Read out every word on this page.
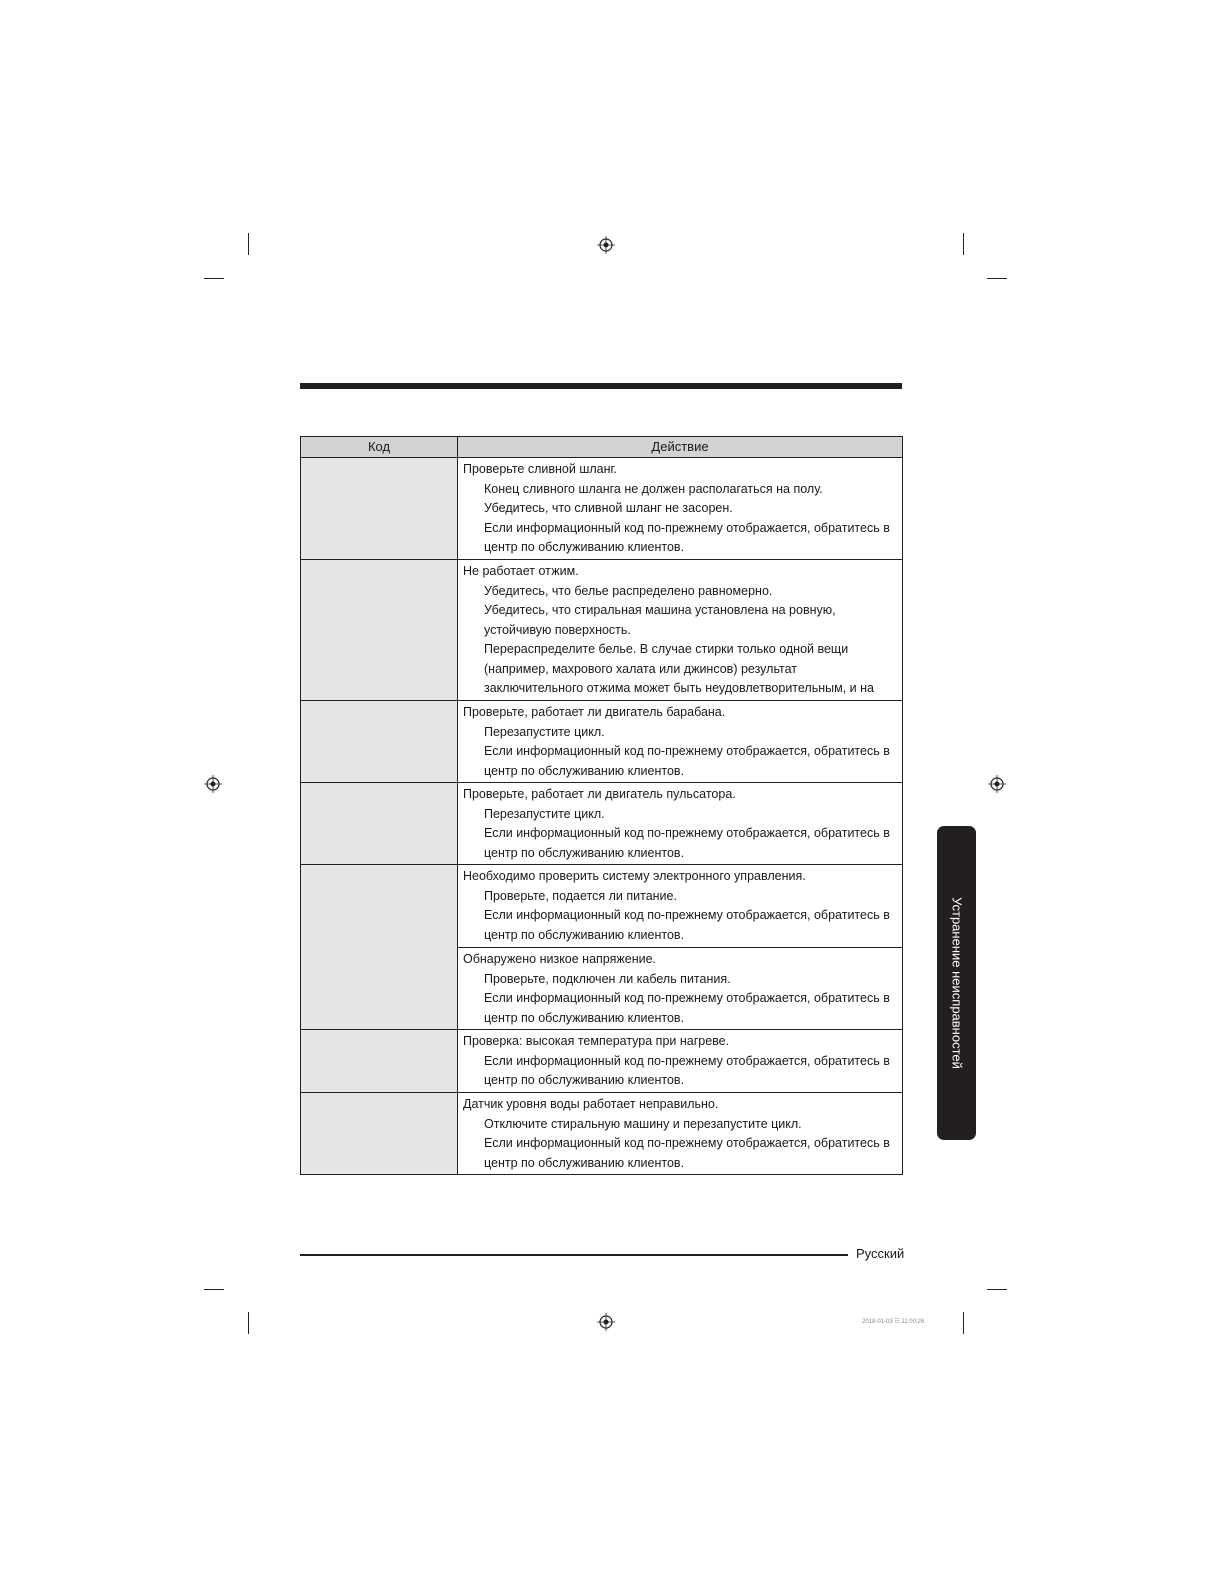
Код	Действие

	Проверьте сливной шланг.

Конец сливного шланга не должен располагаться на полу.

Убедитесь, что сливной шланг не засорен.

Если информационный код по-прежнему отображается, обратитесь в центр по обслуживанию клиентов.

	Не работает отжим.

Убедитесь, что белье распределено равномерно.

Убедитесь, что стиральная машина установлена на ровную, устойчивую поверхность.

Перераспределите белье. В случае стирки только одной вещи (например, махрового халата или джинсов) результат заключительного отжима может быть неудовлетворительным, и на

	Проверьте, работает ли двигатель барабана.

Перезапустите цикл.

Если информационный код по-прежнему отображается, обратитесь в центр по обслуживанию клиентов.

	Проверьте, работает ли двигатель пульсатора.

Перезапустите цикл.

Если информационный код по-прежнему отображается, обратитесь в центр по обслуживанию клиентов.

	Необходимо проверить систему электронного управления.

Проверьте, подается ли питание.

Если информационный код по-прежнему отображается, обратитесь в центр по обслуживанию клиентов.

	Обнаружено низкое напряжение.

Проверьте, подключен ли кабель питания.

Если информационный код по-прежнему отображается, обратитесь в центр по обслуживанию клиентов.

	Проверка: высокая температура при нагреве.

Если информационный код по-прежнему отображается, обратитесь в центр по обслуживанию клиентов.

	Датчик уровня воды работает неправильно.

Отключите стиральную машину и перезапустите цикл.

Если информационный код по-прежнему отображается, обратитесь в центр по обслуживанию клиентов.

Устранение неисправностей
Русский
2018-01-03 ☷ 11:00:26
